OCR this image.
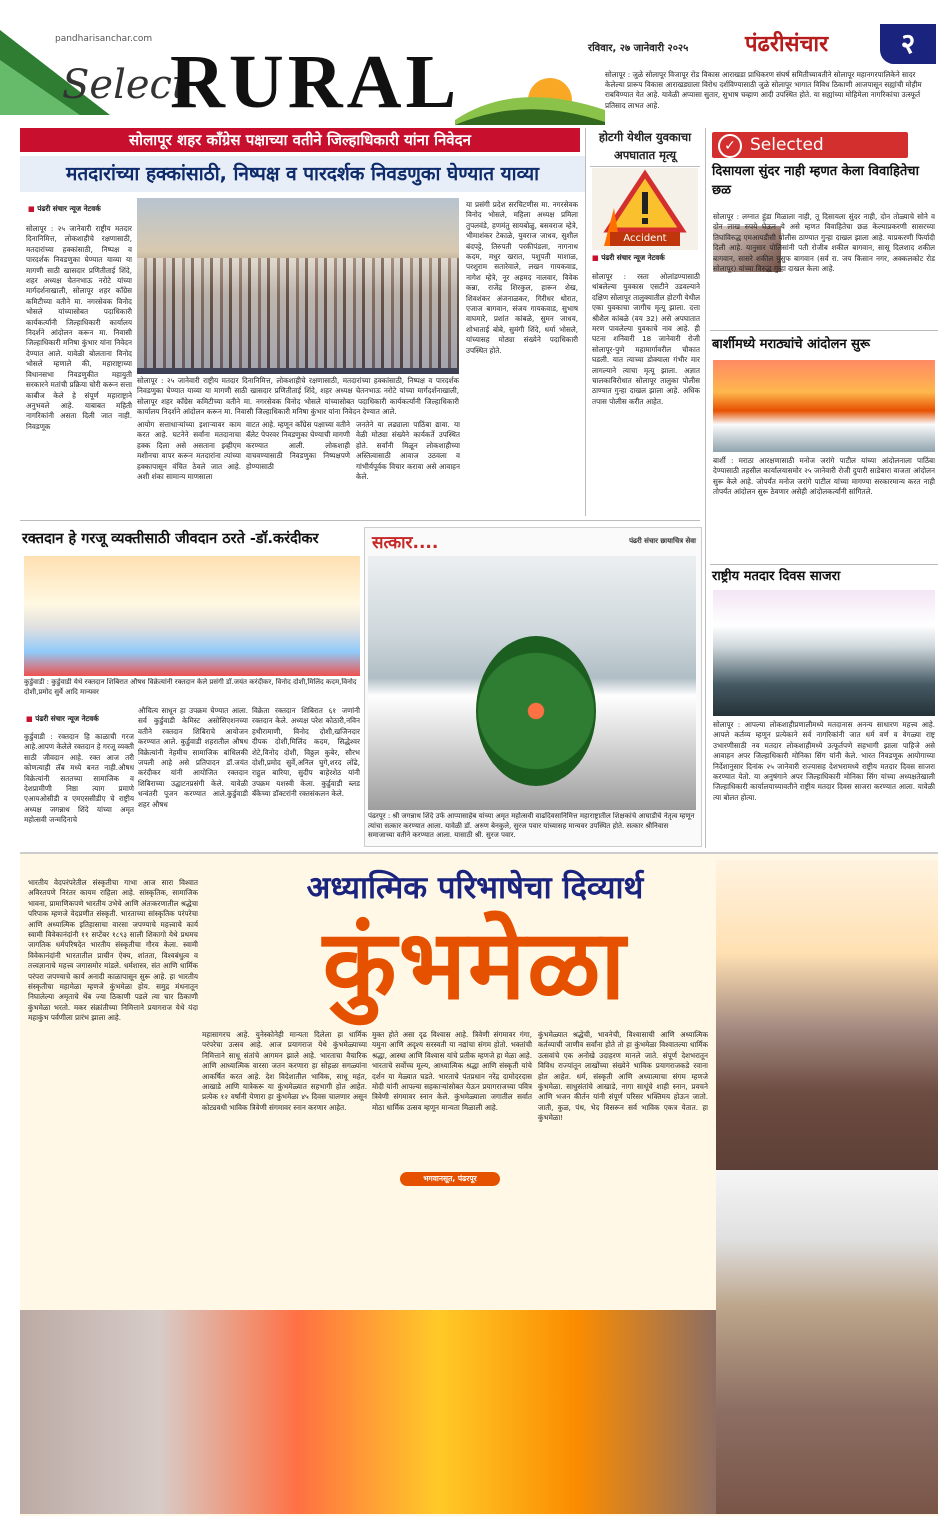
pandharisanchar.com
Select
RURAL	रविवार, २७ जानेवारी २०२५	पंढरीसंचार	२
सोलापूर : जुळे सोलापूर विजापूर रोड विकास आराखडा प्राधिकरण संघर्ष समितीच्यावतीने सोलापूर महानगरपालिकेने सादर केलेल्या प्रारूप विकास आराखड्याला विरोध दर्शविण्यासाठी जुळे सोलापूर भागात विविध ठिकाणी आजपासून सह्यांची मोहीम राबविण्यात येत आहे. यावेळी अप्पासा सुतार, सुभाष चव्हाण आदी उपस्थित होते. या सह्यांच्या मोहिमेला नागरिकांचा उत्स्फूर्त प्रतिसाद लाभत आहे.
सोलापूर शहर काँग्रेस पक्षाच्या वतीने जिल्हाधिकारी यांना निवेदन
मतदारांच्या हक्कांसाठी, निष्पक्ष व पारदर्शक निवडणुका घेण्यात याव्या
■ पंढरी संचार न्यूज नेटवर्क
सोलापूर : २५ जानेवारी राष्ट्रीय मतदार दिनानिमित्त, लोकशाहीचे रक्षणासाठी, मतदारांच्या हक्कांसाठी, निष्पक्ष व पारदर्शक निवडणुका घेण्यात याव्या या मागणी साठी खासदार प्रणितीताई शिंदे, शहर अध्यक्ष चेतनभाऊ नरोटे यांच्या मार्गदर्शनाखाली, सोलापूर शहर काँग्रेस कमिटीच्या वतीने मा. नगरसेवक विनोद भोसले यांच्यासोबत पदाधिकारी कार्यकर्त्यांनी जिल्हाधिकारी कार्यालय निदर्शने आंदोलन करून मा. निवासी जिल्हाधिकारी मनिषा कुंभार यांना निवेदन देण्यात आले. यावेळी बोलताना विनोद भोसले म्हणाले की, महाराष्ट्राच्या विधानसभा निवडणुकीत महायुती सरकारने मतांची प्रक्रिया चोरी करून सत्ता काबीज केले हे संपूर्ण महाराष्ट्राने अनुभवले आहे. याबाबत महिती नागरिकांनी असता दिली जात नाही. निवडणूक
सोलापूर : २५ जानेवारी राष्ट्रीय मतदार दिनानिमित्त, लोकशाहीचे रक्षणासाठी, मतदारांच्या हक्कांसाठी, निष्पक्ष व पारदर्शक निवडणुका घेण्यात याव्या या मागणी साठी खासदार प्रणितीताई शिंदे, शहर अध्यक्ष चेतनभाऊ नरोटे यांच्या मार्गदर्शनाखाली, सोलापूर शहर काँग्रेस कमिटीच्या वतीने मा. नगरसेवक विनोद भोसले यांच्यासोबत पदाधिकारी कार्यकर्त्यांनी जिल्हाधिकारी कार्यालय निदर्शने आंदोलन करून मा. निवासी जिल्हाधिकारी मनिषा कुंभार यांना निवेदन देण्यात आले.
आयोग सत्ताधाऱ्यांच्या इशाऱ्यावर काम करत आहे. घटनेने सर्वांना मतदानाचा हक्क दिला असे असताना इव्हीएम मशीनचा वापर करून मतदारांना त्यांच्या हक्कापासून वंचित ठेवले जात आहे. अशी शंका सामान्य माणसाला
वाटत आहे. म्हणून काँग्रेस पक्षाच्या वतीने बॅलेट पेपरवर निवडणुका घेण्याची मागणी करण्यात आली. लोकशाही वाचवण्यासाठी निवडणुका निष्पक्षपणे होण्यासाठी
जनतेने या लढ्याला पाठिंबा द्यावा. या वेळी मोठ्या संख्येने कार्यकर्ते उपस्थित होते. सर्वांनी मिळून लोकशाहीच्या अस्तित्वासाठी आवाज उठवला व गांभीर्यपूर्वक विचार करावा असे आवाहन केले.
या प्रसंगी प्रदेश सरचिटणीस मा. नगरसेवक विनोद भोसले, महिला अध्यक्ष प्रमिला तुपलवंडे, हणमंतु सायबोळु, बसवराज म्हेत्रे, भीमाशंकर टेकाळे, युवराज जाधव, सुशील बंदपट्टे, तिरुपती परकीपंडला, नागनाथ कदम, मधुर खरात, पशुपती माशाळ, परशुराम सतारेवाले, लखन गायकवाड, नागेश म्हेत्रे, नूर अहमद नालवार, विवेक कन्ना, राजेंद्र शिरकुल, हारून शेख, शिवशंकर अंजनाळकर, गिरीधर थोरात, एजाज बागवान, संजय गायकवाड, सुभाष वाघमारे, प्रशांत कांबळे, सुमन जाधव, शोभाताई बोबे, सुमंगी शिंदे, धर्मा भोसले, यांच्यासह मोठ्या संख्येने पदाधिकारी उपस्थित होते.
होटगी येथील युवकाचा अपघातात मृत्यू
Accident
■ पंढरी संचार न्यूज नेटवर्क
सोलापूर : रस्ता ओलांडण्यासाठी थांबलेल्या युवकास एसटीने उडवल्याने दक्षिण सोलापूर तालुक्यातील होटगी येथील एका युवकाचा जागीच मृत्यू झाला. दत्ता श्रीशैल कांबळे (वय 32) असे अपघातात मरण पावलेल्या युवकाचे नाव आहे. ही घटना शनिवारी 18 जानेवारी रोजी सोलापूर-पुणे महामार्गावरील चौकात घडली. यात त्याच्या डोक्याला गंभीर मार लागल्याने त्याचा मृत्यू झाला. अज्ञात चालकाविरोधात सोलापूर तालुका पोलीस ठाण्यात गुन्हा दाखल झाला आहे. अधिक तपास पोलीस करीत आहेत.
✓ Selected
दिसायला सुंदर नाही म्हणत केला विवाहितेचा छळ
सोलापूर : लग्नात हुंडा मिळाला नाही, तू दिसायला सुंदर नाही, दोन तोळ्याचे सोने व दोन लाख रुपये घेऊन ये असे म्हणत विवाहितेचा छळ केल्याप्रकरणी सासरच्या तिघांविरुद्ध एमआयडीसी पोलीस ठाण्यात गुन्हा दाखल झाला आहे. याप्रकरणी फिर्यादी दिली आहे. यानुसार पोलिसांनी पती रोजीब शकील बागवान, सासू दिलशाद शकील बागवान, सासरे शकील युसुफ बागवान (सर्व रा. जय किसान नगर, अक्कलकोट रोड सोलापूर) यांच्या विरुद्ध गुन्हा दाखल केला आहे.
बार्शीमध्ये मराठ्यांचे आंदोलन सुरू
बार्शी : मराठा आरक्षणासाठी मनोज जरांगे पाटील यांच्या आंदोलनाला पाठिंबा देण्यासाठी तहसील कार्यालयासमोर २५ जानेवारी रोजी दुपारी साडेबारा वाजता आंदोलन सुरू केले आहे. जोपर्यंत मनोज जरांगे पाटील यांच्या मागण्या सरकारमान्य करत नाही तोपर्यंत आंदोलन सुरू ठेवणार असेही आंदोलकर्त्यांनी सांगितले.
राष्ट्रीय मतदार दिवस साजरा
सोलापूर : आपल्या लोकशाहीप्रणालीमध्ये मतदानास अनन्य साधारण महत्त्व आहे. आपले कर्तव्य म्हणून प्रत्येकाने सर्व नागरिकांनी जात धर्म वर्ण व वेगळ्या राष्ट्र उभारणीसाठी नव मतदार लोकशाहीमध्ये उत्फूर्तपणे सहभागी झाला पाहिजे असे आवाहन अपर जिल्हाधिकारी मोनिका सिंग यांनी केले. भारत निवडणूक आयोगाच्या निर्देशानुसार दिनांक २५ जानेवारी राज्यासह देशभरामध्ये राष्ट्रीय मतदार दिवस साजरा करण्यात येतो. या अनुषंगाने अपर जिल्हाधिकारी मोनिका सिंग यांच्या अध्यक्षतेखाली जिल्हाधिकारी कार्यालयाच्यावतीने राष्ट्रीय मतदार दिवस साजरा करण्यात आला. यावेळी त्या बोलत होत्या.
रक्तदान हे गरजू व्यक्तीसाठी जीवदान ठरते -डॉ.करंदीकर
कुर्डुवाडी : कुर्डुवाडी येथे रक्तदान शिबिरात औषध विक्रेत्यांनी रक्तदान केले प्रसंगी डॉ.जयंत करंदीकर, विनोद दोशी,मिलिंद कदम,विनोद दोशी,प्रमोद सुर्वे आदि मान्यवर
■ पंढरी संचार न्यूज नेटवर्क
कुर्डुवाडी : रक्तदान हि काळाची गरज आहे.आपण केलेले रक्तदान हे गरजू व्यक्ती साठी जीवदान आहे. रक्त आज तरी कोणत्याही लॅब मध्ये बनत नाही.औषध विक्रेत्यांनी सततच्या सामाजिक व देशप्रामीणी निष्ठा त्याग प्रमाणे एआयओसीडी व एमएससीडीए चे राष्ट्रीय अध्यक्ष जगन्नाथ शिंदे यांच्या अमृत महोत्सवी जन्मदिनाचे
औचित्य साधून हा उपक्रम घेण्यात आला. सर्व कुर्डुवाडी केमिस्ट असोसिएशनच्या वतीने रक्तदान शिबिराचे आयोजन करण्यात आले. कुर्डुवाडी शहरातील औषध विक्रेत्यांनी नेहमीच सामाजिक बांधिलकी जपली आहे असे प्रतिपादन डॉ.जयंत करंदीकर यांनी आयोजित रक्तदान शिबिराच्या उद्घाटनप्रसंगी केले. यावेळी धन्वंतरी पूजन करण्यात आले.कुर्डुवाडी शहर औषध
विक्रेता रक्तदान शिबिरात ६१ जणांनी रक्तदान केले. अध्यक्ष परेश कोठारी,नविन हथीरामाणी, विनोद दोशी,खजिनदार दीपक दोशी,मिलिंद कदम, सिद्धेश्वर शेटे,विनोद दोशी, विठ्ठल कुबेर, सौरभ दोशी,प्रमोद सुर्वे,अनिल घुगे,शरद लोंढे, राहुल बारिया, सुदीप बाहेरशेठ यांनी उपक्रम यशस्वी केला. कुर्डुवाडी ब्लड बँकेच्या डॉक्टरांनी रक्तसंकलन केले.
सत्कार....	पंढरी संचार छायाचित्र सेवा
पंढरपूर : श्री जगन्नाथ शिंदे उर्फ आप्पासाहेब यांच्या अमृत महोत्सवी वाढदिवसानिमित्त महाराष्ट्रातील शिक्षकांचे आघाडीचे नेतृत्व म्हणून त्यांचा सत्कार करण्यात आला. यावेळी डॉ. अरुण बेनकुले, सुरज पवार यांच्यासह मान्यवर उपस्थित होते. सत्कार श्रीनिवास समाजाच्या वतीने करण्यात आला. यासाठी श्री. सुरज पवार.
अध्यात्मिक परिभाषेचा दिव्यार्थ
कुंभमेळा
भारतीय वेदपरंपरेतील संस्कृतीचा गाभा आज सारा विश्वात अविरतपणे निरंतर कायम राहिला आहे. सांस्कृतिक, सामाजिक भावना, प्रामाणिकपणे भारतीय उभेचे आणि अंतःकरणातील श्रद्धेचा परिपाक म्हणजे वेदप्रणीत संस्कृती. भारताच्या सांस्कृतिक परंपरेचा आणि अध्यात्मिक इतिहासाचा वारसा जपण्याचे महत्त्वाचे कार्य स्वामी विवेकानंदांनी ११ सप्टेंबर १८९३ साली शिकागो येथे प्रथमच जागतिक धर्मपरिषदेत भारतीय संस्कृतीचा गौरव केला. स्वामी विवेकानंदांनी भारतातील प्राचीन ऐक्य, शांतता, विश्वबंधुत्व व तत्त्वज्ञानाचे महत्त्व जगासमोर मांडले. धर्मशास्त्र, संत आणि धार्मिक परंपरा जपण्याचे कार्य अनादी काळापासून सुरू आहे. हा भारतीय संस्कृतीचा महामेळा म्हणजे कुंभमेळा होय. समुद्र मंथनातून निघालेल्या अमृताचे थेंब ज्या ठिकाणी पडले त्या चार ठिकाणी कुंभमेळा भरतो. मकर संक्रांतीच्या निमित्ताने प्रयागराज येथे यंदा महाकुंभ पर्वणीला प्रारंभ झाला आहे.
महासागरच आहे. युनेस्कोनेही मान्यता दिलेला हा धार्मिक परंपरेचा उत्सव आहे. आज प्रयागराज येथे कुंभमेळ्याच्या निमित्ताने साधू संतांचे आगमन झाले आहे. भारताचा वैचारिक आणि आध्यात्मिक वारसा जतन करणारा हा सोहळा सगळ्यांना आकर्षित करत आहे. देश विदेशातील भाविक, साधू महंत, आखाडे आणि यात्रेकरू या कुंभमेळ्यात सहभागी होत आहेत. प्रत्येक १२ वर्षांनी येणारा हा कुंभमेळा ४५ दिवस चालणार असून कोट्यवधी भाविक त्रिवेणी संगमावर स्नान करणार आहेत.
मुक्त होते असा दृढ विश्वास आहे. त्रिवेणी संगमावर गंगा, यमुना आणि अदृश्य सरस्वती या नद्यांचा संगम होतो. भक्तांची श्रद्धा, आस्था आणि विश्वास यांचे प्रतीक म्हणजे हा मेळा आहे. भारताचे सर्वोच्च मूल्य, आध्यात्मिक श्रद्धा आणि संस्कृती यांचे दर्शन या मेळ्यात घडते. भारताचे पंतप्रधान नरेंद्र दामोदरदास मोदी यांनी आपल्या सहकाऱ्यांसोबत येऊन प्रयागराजच्या पवित्र त्रिवेणी संगमावर स्नान केले. कुंभमेळ्याला जगातील सर्वात मोठा धार्मिक उत्सव म्हणून मान्यता मिळाली आहे.
भगवानसूत, पंढरपूर
कुंभमेळ्यात श्रद्धेची, भावनेची, विश्वासाची आणि अध्यात्मिक कर्तव्याची जाणीव सर्वांना होते तो हा कुंभमेळा विश्वातल्या धार्मिक उत्सवांचे एक अनोखे उदाहरण मानले जाते. संपूर्ण देशभरातून विविध राज्यांतून लाखोंच्या संख्येने भाविक प्रयागराजकडे रवाना होत आहेत. धर्म, संस्कृती आणि अध्यात्माचा संगम म्हणजे कुंभमेळा. साधुसंतांचे आखाडे, नागा साधूंचे शाही स्नान, प्रवचने आणि भजन कीर्तन यांनी संपूर्ण परिसर भक्तिमय होऊन जातो. जाती, कुळ, पंथ, भेद विसरून सर्व भाविक एकत्र येतात. हा कुंभमेळा!
